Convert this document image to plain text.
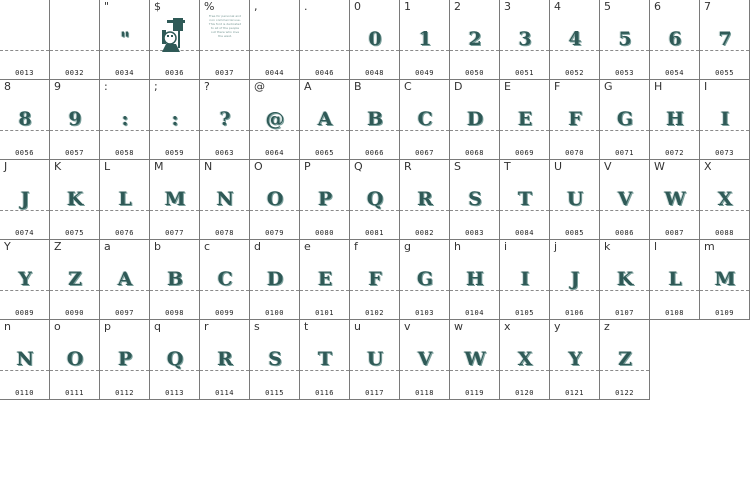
0013	0032
"
"
0034
$
0036
%
Free for personal and non commercial use. This font is dedicated to all of the people out there who love the west.
0037
,
0044
.
0046
0
0
0048
1
1
0049
2
2
0050
3
3
0051
4
4
0052
5
5
0053
6
6
0054
7
7
0055
8
8
0056
9
9
0057
:
:
0058
;
:
0059
?
?
0063
@
@
0064
A
A
0065
B
B
0066
C
C
0067
D
D
0068
E
E
0069
F
F
0070
G
G
0071
H
H
0072
I
I
0073
J
J
0074
K
K
0075
L
L
0076
M
M
0077
N
N
0078
O
O
0079
P
P
0080
Q
Q
0081
R
R
0082
S
S
0083
T
T
0084
U
U
0085
V
V
0086
W
W
0087
X
X
0088
Y
Y
0089
Z
Z
0090
a
A
0097
b
B
0098
c
C
0099
d
D
0100
e
E
0101
f
F
0102
g
G
0103
h
H
0104
i
I
0105
j
J
0106
k
K
0107
l
L
0108
m
M
0109
n
N
0110
o
O
0111
p
P
0112
q
Q
0113
r
R
0114
s
S
0115
t
T
0116
u
U
0117
v
V
0118
w
W
0119
x
X
0120
y
Y
0121
z
Z
0122
